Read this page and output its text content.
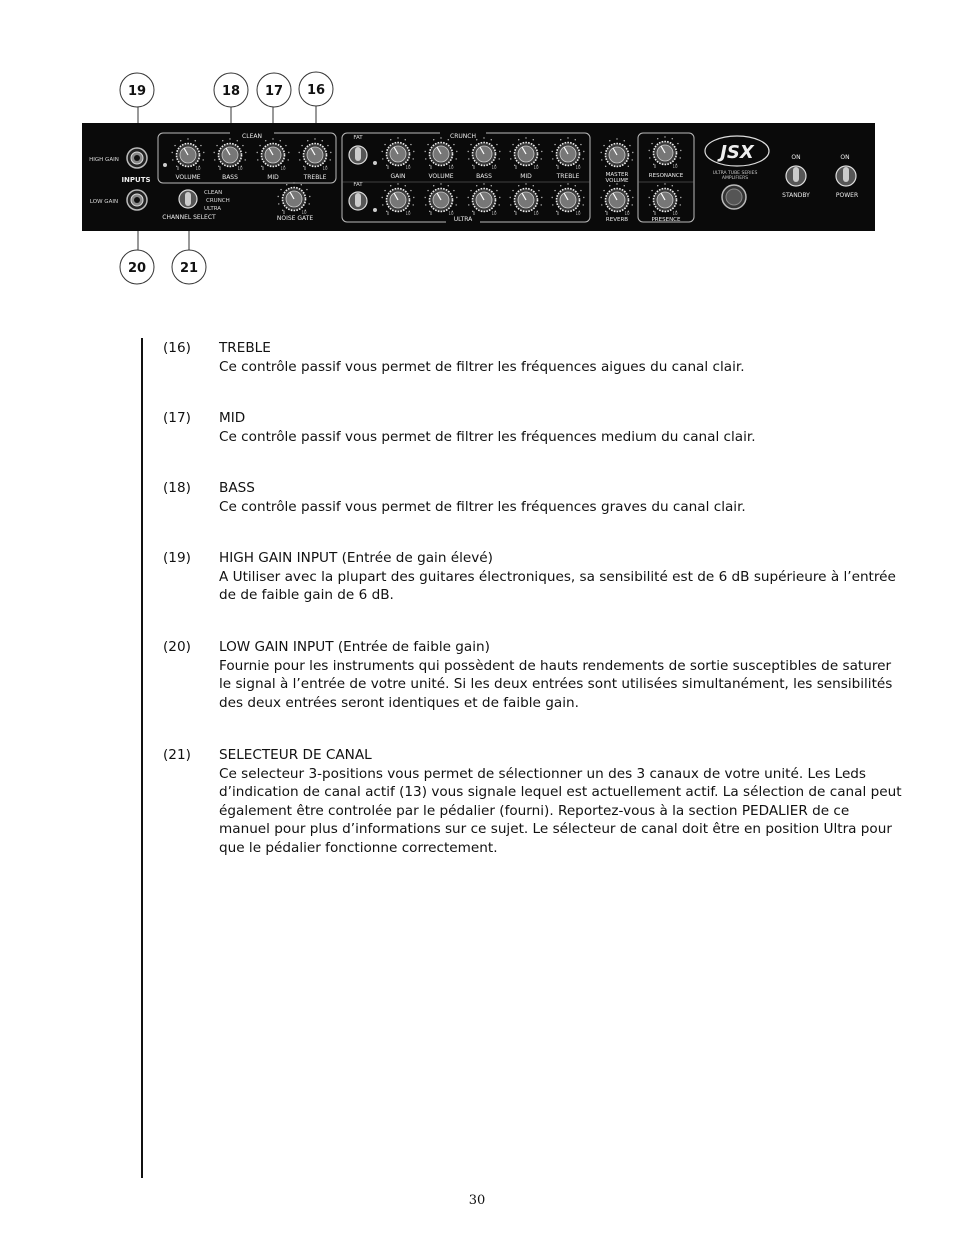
19	18 17 16
20	21
HIGH GAIN
LOW GAIN
INPUTS
CLEAN
0	10
VOLUME
0	10
BASS
0	10
MID
0	10
TREBLE
CLEAN
CRUNCH
ULTRA
CHANNEL SELECT
0	10
NOISE GATE
CRUNCH
ULTRA
FAT
FAT
0	10
GAIN
0	10
VOLUME
0	10
BASS
0	10
MID
0	10
TREBLE
0	10	0	10	0	10	0	10	0	10	0	10
MASTER
VOLUME
REVERB
0	10
0	10
RESONANCE
PRESENCE
JSX
ULTRA TUBE SERIES
AMPLIFIERS
ON	ON
STANDBY	POWER
(16) TREBLE
Ce contrôle passif vous permet de filtrer les fréquences aigues du canal clair.
(17) MID
Ce contrôle passif vous permet de filtrer les fréquences medium du canal clair.
(18) BASS
Ce contrôle passif vous permet de filtrer les fréquences graves du canal clair.
(19) HIGH GAIN INPUT (Entrée de gain élevé)
A Utiliser avec la plupart des guitares électroniques, sa sensibilité est de 6 dB supérieure à l’entrée de de faible gain de 6 dB.
(20) LOW GAIN INPUT (Entrée de faible gain)
Fournie pour les instruments qui possèdent de hauts rendements de sortie susceptibles de saturer le signal à l’entrée de votre unité. Si les deux entrées sont utilisées simultanément, les sensibilités des deux entrées seront identiques et de faible gain.
(21) SELECTEUR DE CANAL
Ce selecteur 3-positions vous permet de sélectionner un des 3 canaux de votre unité. Les Leds d’indication de canal actif (13) vous signale lequel est actuellement actif. La sélection de canal peut également être controlée par le pédalier (fourni). Reportez-vous à la section PEDALIER de ce manuel pour plus d’informations sur ce sujet. Le sélecteur de canal doit être en position Ultra pour que le pédalier fonctionne correctement.
30
